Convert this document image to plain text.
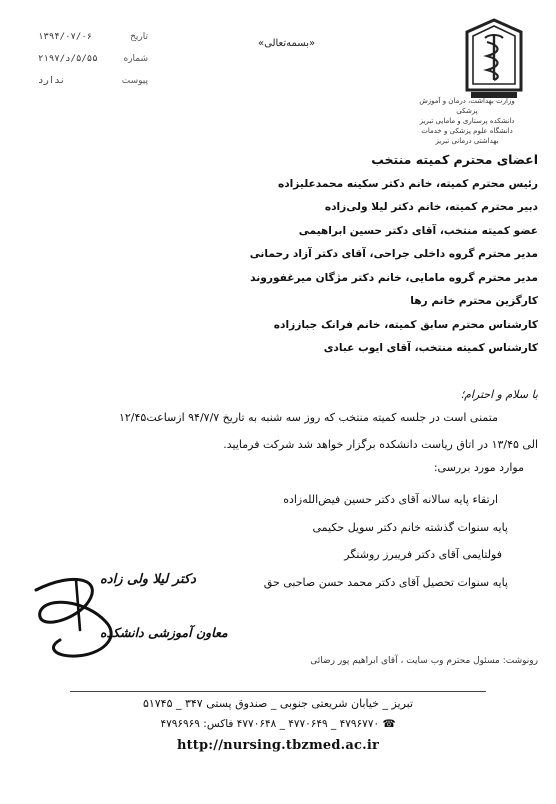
تاریخ
۱۳۹۴/۰۷/۰۶
شماره
۵/۵۵/د/۲۱۹۷
پیوست
ندارد
«بسمه‌تعالی»
وزارت بهداشت، درمان و آموزش پزشکی
دانشکده پرستاری و مامایی تبریز
دانشگاه علوم پزشکی و خدمات بهداشتی درمانی تبریز
اعضای محترم کمیته منتخب
رئیس محترم کمیته، خانم دکتر سکینه محمدعلیزاده
دبیر محترم کمیته، خانم دکتر لیلا ولی‌زاده
عضو کمیته منتخب، آقای دکتر حسین ابراهیمی
مدیر محترم گروه داخلی جراحی، آقای دکتر آزاد رحمانی
مدیر محترم گروه مامایی، خانم دکتر مژگان میرغفوروند
کارگزین محترم خانم رها
کارشناس محترم سابق کمیته، خانم فرانک جباززاده
کارشناس کمیته منتخب، آقای ایوب عبادی
با سلام و احترام؛
متمنی است در جلسه کمیته منتخب که روز سه شنبه به تاریخ ۹۴/۷/۷ ازساعت۱۲/۴۵
الی ۱۳/۴۵ در اتاق ریاست دانشکده برگزار خواهد شد شرکت فرمایید.
موارد مورد بررسی:
ارتقاء پایه سالانه آقای دکتر حسین فیض‌الله‌زاده
پایه سنوات گذشته خانم دکتر سویل حکیمی
فولتایمی آقای دکتر فریبرز روشنگر
پایه سنوات تحصیل آقای دکتر محمد حسن صاحبی حق
دکتر لیلا ولی زاده
معاون آموزشی دانشکده
رونوشت: مسئول محترم وب سایت ، آقای ابراهیم پور رضائی
تبریز _ خیابان شریعتی جنوبی _ صندوق پستی ۳۴۷ _ ۵۱۷۴۵
☎ ۴۷۹۶۷۷۰ _ ۴۷۷۰۶۴۹ _ ۴۷۷۰۶۴۸ فاکس: ۴۷۹۶۹۶۹
http://nursing.tbzmed.ac.ir
